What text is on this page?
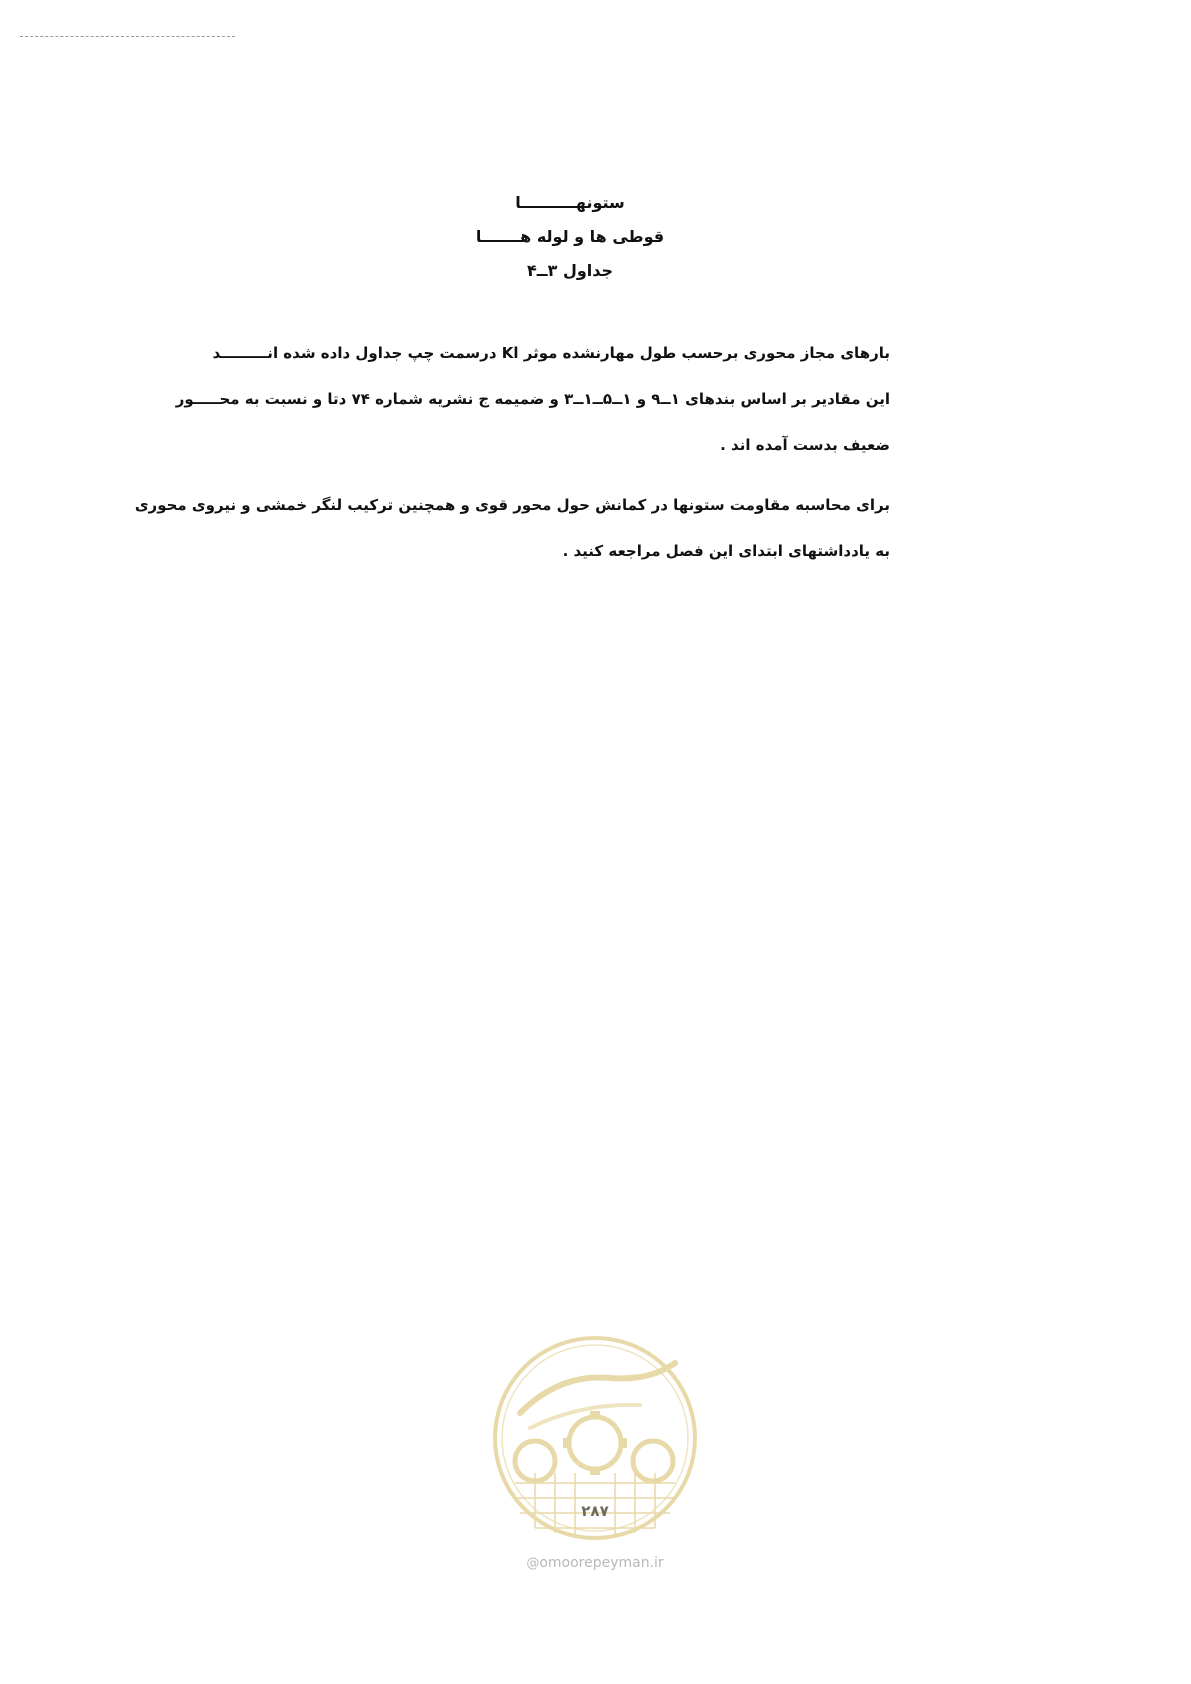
ستونهــــــــــا
قوطی ها و لوله هـــــــا
جداول ۳ــ۴
بارهای مجاز محوری برحسب طول مهارنشده موثر Kl درسمت چپ جداول داده شده انـــــــــد
این مقادیر بر اساس بندهای ۱ــ۹ و ۱ــ۵ــ۱ــ۳ و ضمیمه ج نشریه شماره ۷۴ دتا و نسبت به محـــــور
ضعیف بدست آمده اند .
برای محاسبه مقاومت ستونها در کمانش حول محور قوی و همچنین ترکیب لنگر خمشی و نیروی محوری
به یادداشتهای ابتدای این فصل مراجعه کنید .
۲۸۷
@omoorepeyman.ir
